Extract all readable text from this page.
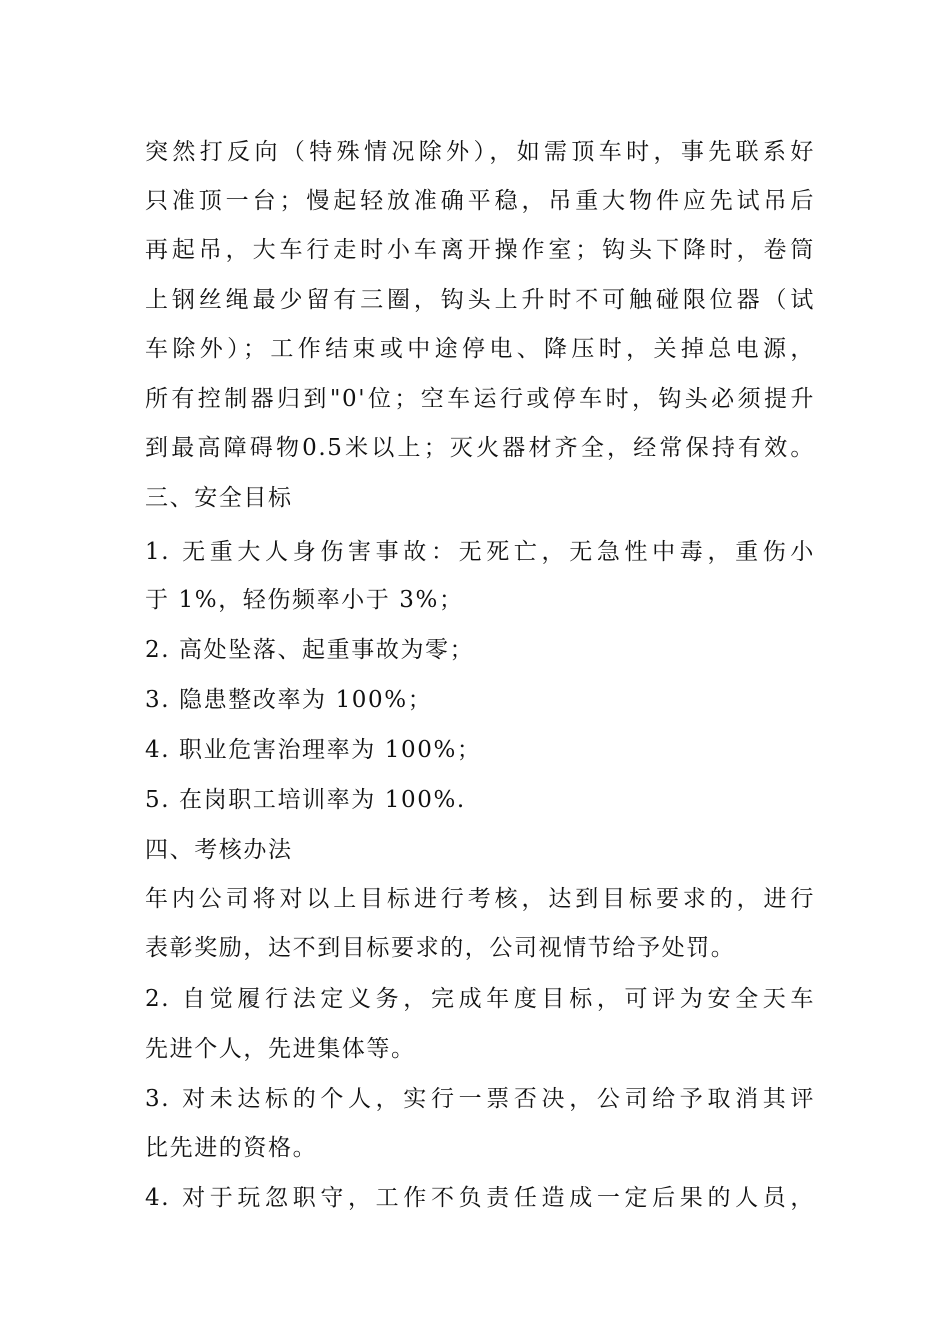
突然打反向（特殊情况除外），如需顶车时，事先联系好
只准顶一台；慢起轻放准确平稳，吊重大物件应先试吊后
再起吊，大车行走时小车离开操作室；钩头下降时，卷筒
上钢丝绳最少留有三圈，钩头上升时不可触碰限位器（试
车除外）；工作结束或中途停电、降压时，关掉总电源，
所有控制器归到"0'位；空车运行或停车时，钩头必须提升
到最高障碍物0.5米以上；灭火器材齐全，经常保持有效。
三、安全目标
1. 无重大人身伤害事故：无死亡，无急性中毒，重伤小
于 1%，轻伤频率小于 3%；
2. 高处坠落、起重事故为零；
3. 隐患整改率为 100%；
4. 职业危害治理率为 100%；
5. 在岗职工培训率为 100%.
四、考核办法
年内公司将对以上目标进行考核，达到目标要求的，进行
表彰奖励，达不到目标要求的，公司视情节给予处罚。
2. 自觉履行法定义务，完成年度目标，可评为安全天车
先进个人，先进集体等。
3. 对未达标的个人，实行一票否决，公司给予取消其评
比先进的资格。
4. 对于玩忽职守，工作不负责任造成一定后果的人员，
